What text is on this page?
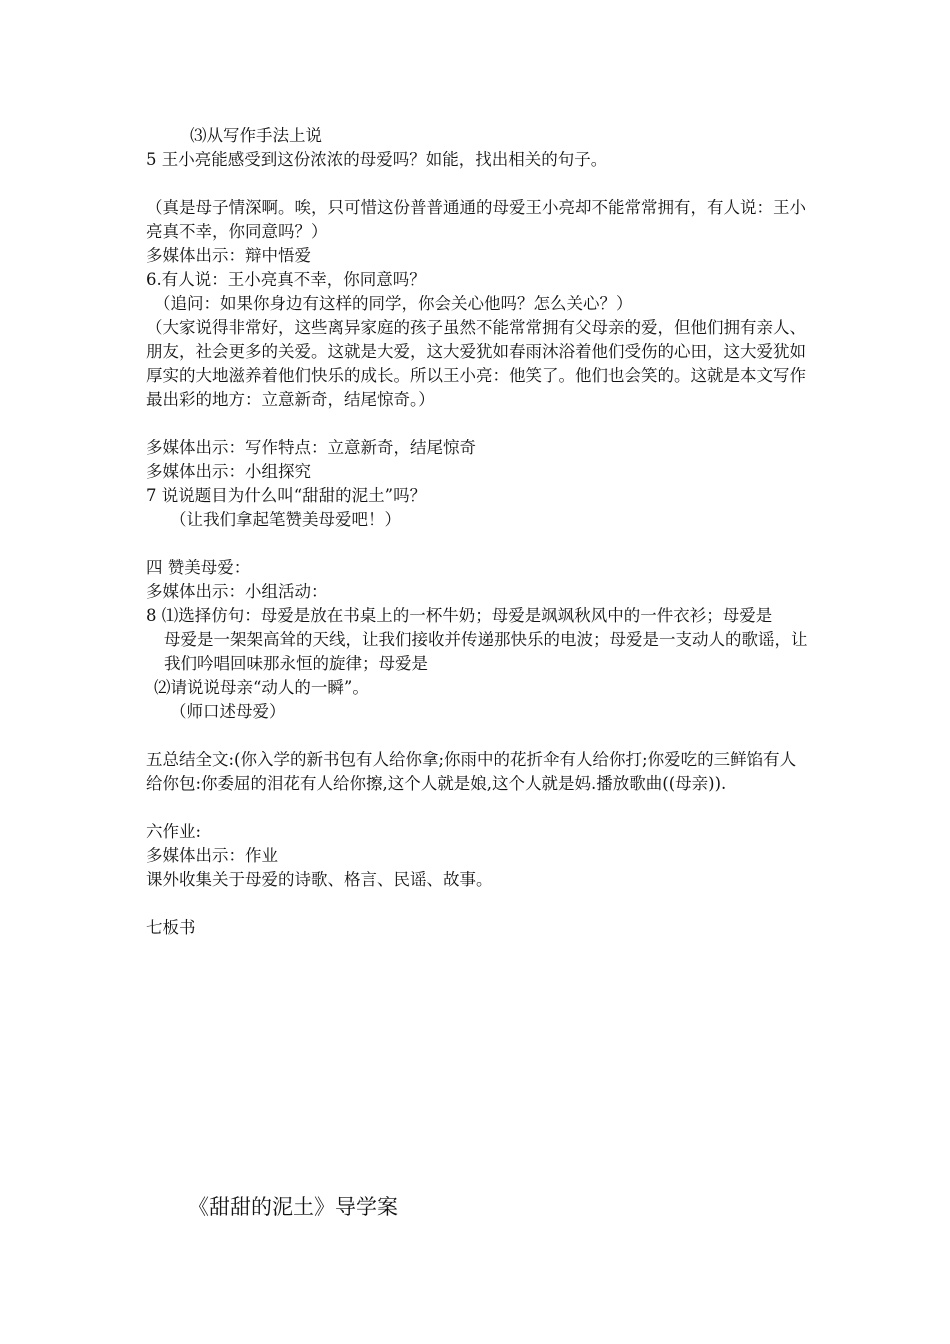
⑶从写作手法上说

5 王小亮能感受到这份浓浓的母爱吗？如能，找出相关的句子。

（真是母子情深啊。唉，只可惜这份普普通通的母爱王小亮却不能常常拥有，有人说：王小亮真不幸，你同意吗？）

多媒体出示：辩中悟爱

6.有人说：王小亮真不幸，你同意吗？

（追问：如果你身边有这样的同学，你会关心他吗？怎么关心？）

（大家说得非常好，这些离异家庭的孩子虽然不能常常拥有父母亲的爱，但他们拥有亲人、朋友，社会更多的关爱。这就是大爱，这大爱犹如春雨沐浴着他们受伤的心田，这大爱犹如厚实的大地滋养着他们快乐的成长。所以王小亮：他笑了。他们也会笑的。这就是本文写作最出彩的地方：立意新奇，结尾惊奇。）

多媒体出示：写作特点：立意新奇，结尾惊奇

多媒体出示：小组探究

7 说说题目为什么叫“甜甜的泥土”吗？

（让我们拿起笔赞美母爱吧！）

四 赞美母爱：

多媒体出示：小组活动：

8 ⑴选择仿句：母爱是放在书桌上的一杯牛奶；母爱是飒飒秋风中的一件衣衫；母爱是

母爱是一架架高耸的天线，让我们接收并传递那快乐的电波；母爱是一支动人的歌谣，让我们吟唱回味那永恒的旋律；母爱是

⑵请说说母亲“动人的一瞬”。

（师口述母爱）

五总结全文:(你入学的新书包有人给你拿;你雨中的花折伞有人给你打;你爱吃的三鲜馅有人给你包:你委屈的泪花有人给你擦,这个人就是娘,这个人就是妈.播放歌曲((母亲)).

六作业:

多媒体出示：作业

课外收集关于母爱的诗歌、格言、民谣、故事。

七板书

《甜甜的泥土》导学案
